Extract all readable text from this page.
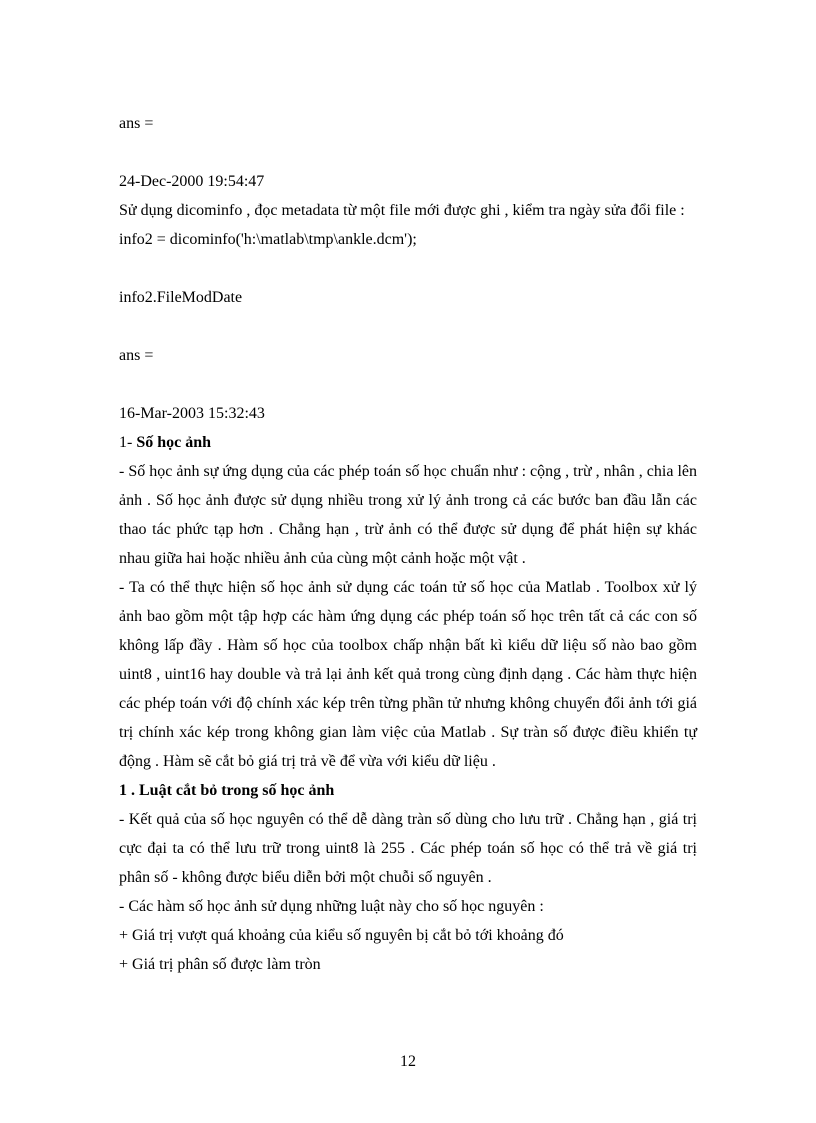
ans =
24-Dec-2000 19:54:47
Sử dụng dicominfo , đọc metadata từ một file mới được ghi , kiểm tra ngày sửa đổi file :
info2 = dicominfo('h:\matlab\tmp\ankle.dcm');
info2.FileModDate
ans =
16-Mar-2003 15:32:43
1- Số học ảnh
- Số học ảnh sự ứng dụng của các phép toán số học chuẩn như : cộng , trừ , nhân , chia lên ảnh . Số học ảnh được sử dụng nhiều trong xử lý ảnh trong cả các bước ban đầu lẫn các thao tác phức tạp hơn . Chẳng hạn , trừ ảnh có thể được sử dụng để phát hiện sự khác nhau giữa hai hoặc nhiều ảnh của cùng một cảnh hoặc một vật .
- Ta có thể thực hiện số học ảnh sử dụng các toán tử số học của Matlab . Toolbox xử lý ảnh bao gồm một tập hợp các hàm ứng dụng các phép toán số học trên tất cả các con số không lấp đầy . Hàm số học của toolbox chấp nhận bất kì kiểu dữ liệu số nào bao gồm uint8 , uint16 hay double và trả lại ảnh kết quả trong cùng định dạng . Các hàm thực hiện các phép toán với độ chính xác kép trên từng phần tử nhưng không chuyển đổi ảnh tới giá trị chính xác kép trong không gian làm việc của Matlab . Sự tràn số được điều khiển tự động . Hàm sẽ cắt bỏ giá trị trả về để vừa với kiểu dữ liệu .
1 . Luật cắt bỏ trong số học ảnh
- Kết quả của số học nguyên có thể dễ dàng tràn số dùng cho lưu trữ . Chẳng hạn , giá trị cực đại ta có thể lưu trữ trong uint8 là 255 . Các phép toán số học có thể trả về giá trị phân số - không được biểu diễn bởi một chuỗi số nguyên .
- Các hàm số học ảnh sử dụng những luật này cho số học nguyên :
+ Giá trị vượt quá khoảng của kiểu số nguyên bị cắt bỏ tới khoảng đó
+ Giá trị phân số được làm tròn
12
